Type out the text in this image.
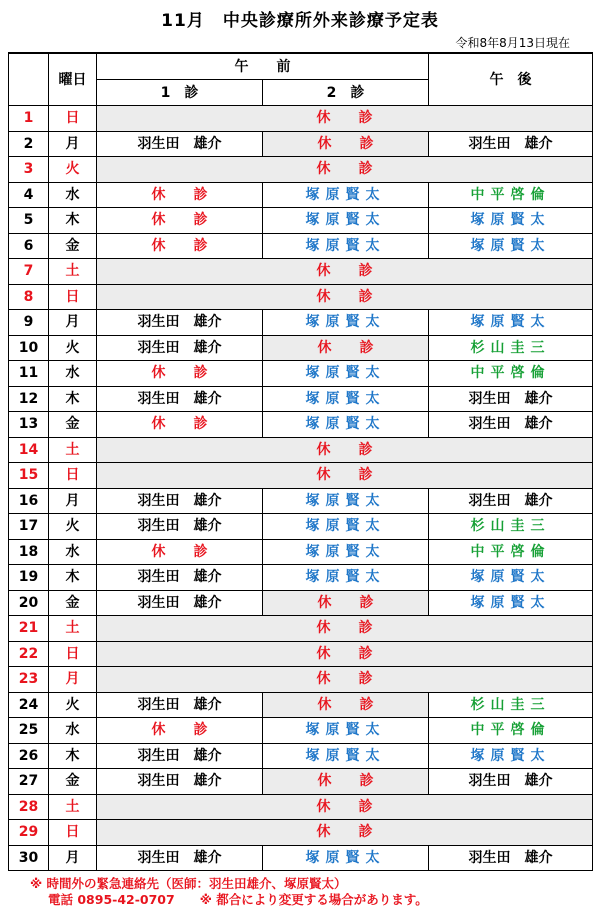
11月　中央診療所外来診療予定表
令和8年8月13日現在
	曜日	午　　前		午　後
		1　診	2　診	
1	日	休　　診		
2	月	羽生田　雄介	休　　診	羽生田　雄介
3	火	休　　診		
4	水	休　　診	塚原賢太	中平啓倫
5	木	休　　診	塚原賢太	塚原賢太
6	金	休　　診	塚原賢太	塚原賢太
7	土	休　　診		
8	日	休　　診		
9	月	羽生田　雄介	塚原賢太	塚原賢太
10	火	羽生田　雄介	休　　診	杉山圭三
11	水	休　　診	塚原賢太	中平啓倫
12	木	羽生田　雄介	塚原賢太	羽生田　雄介
13	金	休　　診	塚原賢太	羽生田　雄介
14	土	休　　診		
15	日	休　　診		
16	月	羽生田　雄介	塚原賢太	羽生田　雄介
17	火	羽生田　雄介	塚原賢太	杉山圭三
18	水	休　　診	塚原賢太	中平啓倫
19	木	羽生田　雄介	塚原賢太	塚原賢太
20	金	羽生田　雄介	休　　診	塚原賢太
21	土	休　　診		
22	日	休　　診		
23	月	休　　診		
24	火	羽生田　雄介	休　　診	杉山圭三
25	水	休　　診	塚原賢太	中平啓倫
26	木	羽生田　雄介	塚原賢太	塚原賢太
27	金	羽生田　雄介	休　　診	羽生田　雄介
28	土	休　　診		
29	日	休　　診		
30	月	羽生田　雄介	塚原賢太	羽生田　雄介
※ 時間外の緊急連絡先（医師：羽生田雄介、塚原賢太）
電話 0895-42-0707　　※ 都合により変更する場合があります。
